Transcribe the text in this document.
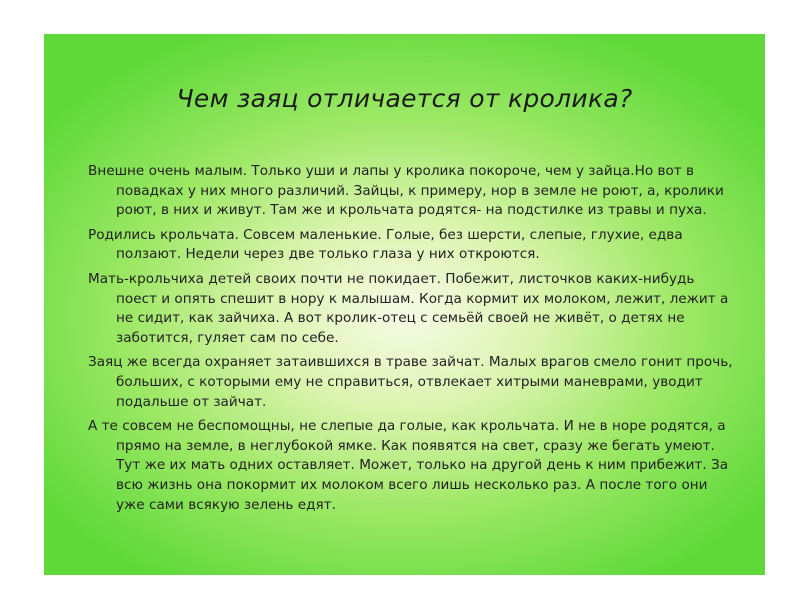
Чем заяц отличается от кролика?

Внешне очень малым. Только уши и лапы у кролика покороче, чем у зайца.Но вот в повадках у них много различий. Зайцы, к примеру, нор в земле не роют, а, кролики роют, в них и живут. Там же и крольчата родятся- на подстилке из травы и пуха.

Родились крольчата. Совсем маленькие. Голые, без шерсти, слепые, глухие, едва ползают. Недели через две только глаза у них откроются.

Мать-крольчиха детей своих почти не покидает. Побежит, листочков каких-нибудь поест и опять спешит в нору к малышам. Когда кормит их молоком, лежит, лежит а не сидит, как зайчиха. А вот кролик-отец с семьёй своей не живёт, о детях не заботится, гуляет сам по себе.

Заяц же всегда охраняет затаившихся в траве зайчат. Малых врагов смело гонит прочь, больших, с которыми ему не справиться, отвлекает хитрыми маневрами, уводит подальше от зайчат.

А те совсем не беспомощны, не слепые да голые, как крольчата. И не в норе родятся, а прямо на земле, в неглубокой ямке. Как появятся на свет, сразу же бегать умеют. Тут же их мать одних оставляет. Может, только на другой день к ним прибежит. За всю жизнь она покормит их молоком всего лишь несколько раз. А после того они уже сами всякую зелень едят.
